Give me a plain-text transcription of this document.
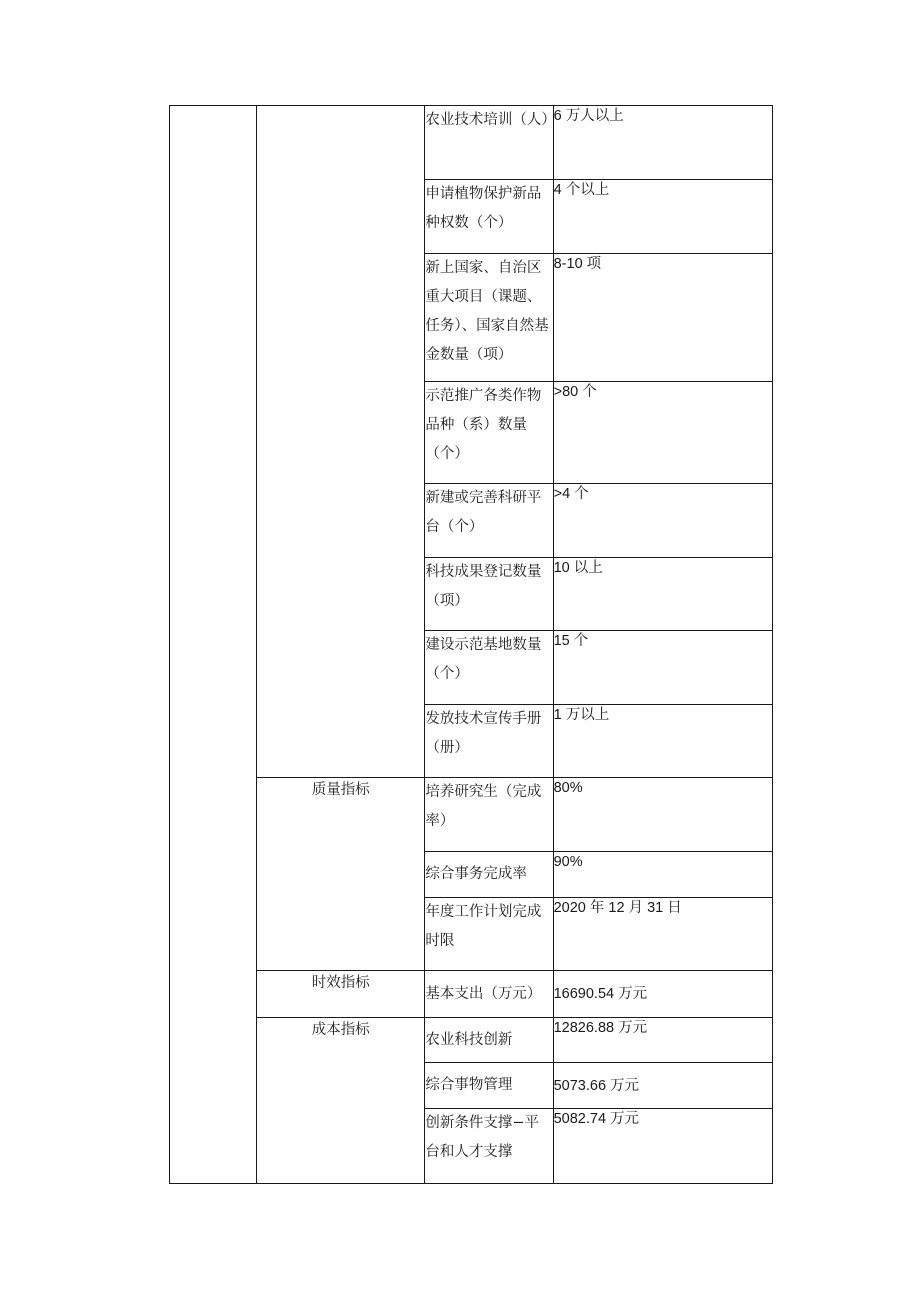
		农业技术培训（人）	6 万人以上
		申请植物保护新品种权数（个）	4 个以上
		新上国家、自治区重大项目（课题、任务）、国家自然基金数量（项）	8-10 项
		示范推广各类作物品种（系）数量（个）	>80 个
		新建或完善科研平台（个）	>4 个
		科技成果登记数量（项）	10 以上
		建设示范基地数量（个）	15 个
		发放技术宣传手册（册）	1 万以上
	质量指标	培养研究生（完成率）	80%
		综合事务完成率	90%
		年度工作计划完成时限	2020 年 12 月 31 日
	时效指标	基本支出（万元）	16690.54 万元
	成本指标	农业科技创新	12826.88 万元
		综合事物管理	5073.66 万元
		创新条件支撑−平台和人才支撑	5082.74 万元
